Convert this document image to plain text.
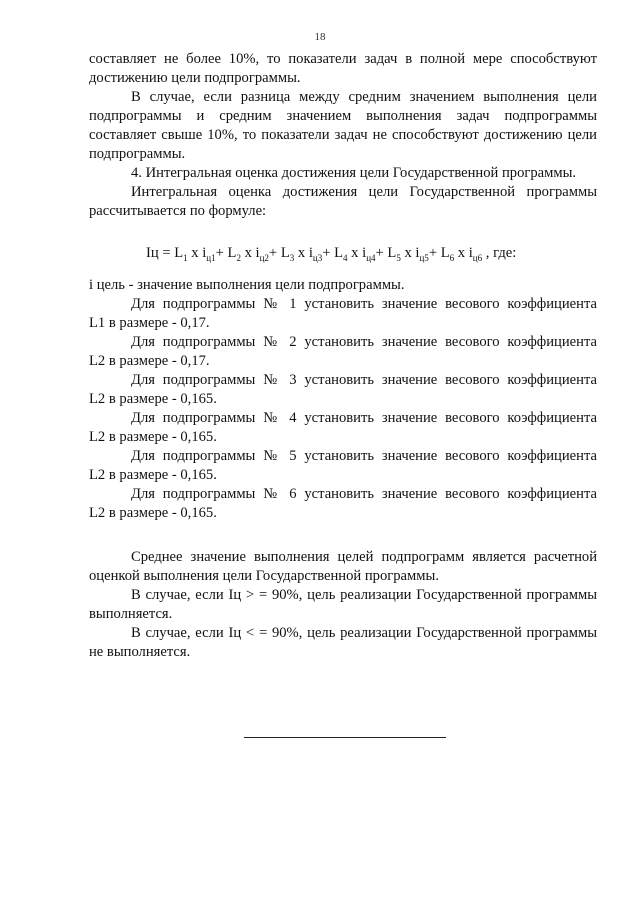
18

составляет не более 10%, то показатели задач в полной мере способствуют достижению цели подпрограммы.

В случае, если разница между средним значением выполнения цели подпрограммы и средним значением выполнения задач подпрограммы составляет свыше 10%, то показатели задач не способствуют достижению цели подпрограммы.

4. Интегральная оценка достижения цели Государственной программы.

Интегральная оценка достижения цели Государственной программы рассчитывается по формуле:

Iц = $L_1$ x $i_{ц1}+ L_2$ x $i_{ц2}+ L_3$ x $i_{ц3}+ L_4$ x $i_{ц4}+ L_5$ x $i_{ц5}+ L_6$ x $i_{ц6}$ , где:

i цель - значение выполнения цели подпрограммы.

Для подпрограммы № 1 установить значение весового коэффициента

L1 в размере - 0,17.

Для подпрограммы № 2 установить значение весового коэффициента

L2 в размере - 0,17.

Для подпрограммы № 3 установить значение весового коэффициента

L2 в размере - 0,165.

Для подпрограммы № 4 установить значение весового коэффициента

L2 в размере - 0,165.

Для подпрограммы № 5 установить значение весового коэффициента

L2 в размере - 0,165.

Для подпрограммы № 6 установить значение весового коэффициента

L2 в размере - 0,165.

Среднее значение выполнения целей подпрограмм является расчетной оценкой выполнения цели Государственной программы.

В случае, если Iц > = 90%, цель реализации Государственной программы выполняется.

В случае, если Iц < = 90%, цель реализации Государственной программы не выполняется.
